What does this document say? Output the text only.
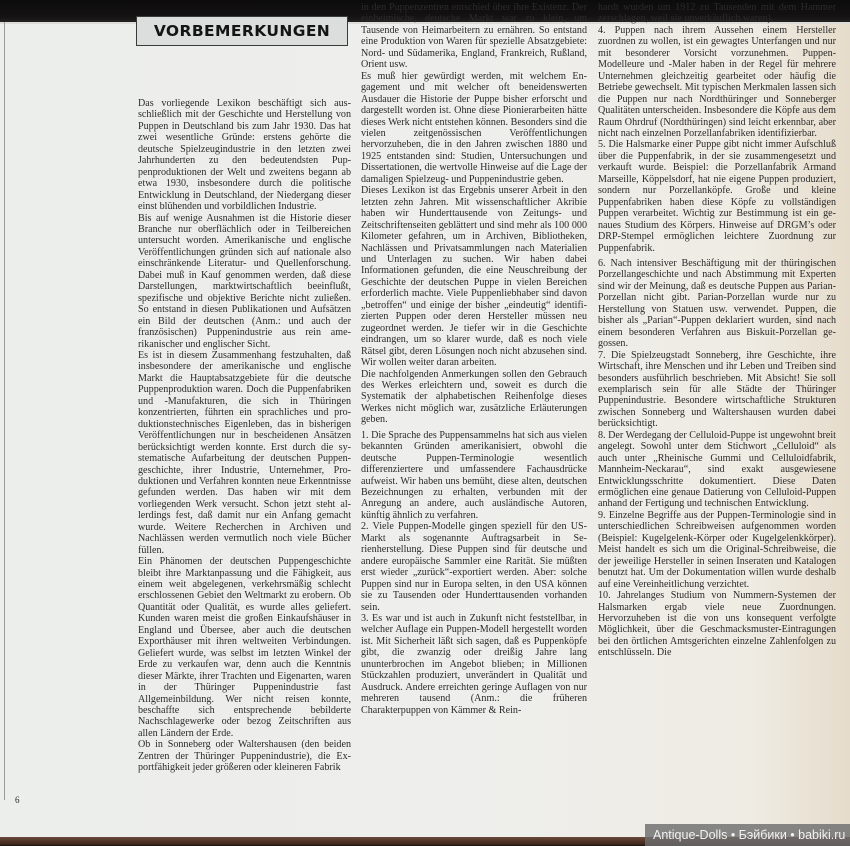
VORBEMERKUNGEN

Das vorliegende Lexikon beschäftigt sich ausschließlich mit der Geschichte und Herstellung von Puppen in Deutschland bis zum Jahr 1930. Das hat zwei wesentliche Gründe: erstens gehörte die deutsche Spielzeugindustrie in den letzten zwei Jahrhunderten zu den bedeutendsten Puppenproduktionen der Welt und zweitens begann ab etwa 1930, insbesondere durch die politische Entwicklung in Deutschland, der Niedergang dieser einst blühenden und vorbildlichen Industrie.

Bis auf wenige Ausnahmen ist die Historie dieser Branche nur oberflächlich oder in Teilbereichen untersucht worden. Amerikanische und englische Veröffentlichungen gründen sich auf nationale also einschränkende Literatur- und Quellenforschung. Dabei muß in Kauf genommen werden, daß diese Darstellungen, marktwirtschaftlich beeinflußt, spezifische und objektive Berichte nicht zuließen. So entstand in diesen Publikationen und Aufsätzen ein Bild der deutschen (Anm.: und auch der französischen) Puppenindustrie aus rein amerikanischer und englischer Sicht.

Es ist in diesem Zusammenhang festzuhalten, daß insbesondere der amerikanische und englische Markt die Hauptabsatzgebiete für die deutsche Puppenproduktion waren. Doch die Puppenfabriken und -Manufakturen, die sich in Thüringen konzentrierten, führten ein sprachliches und produktionstechnisches Eigenleben, das in bisherigen Veröffentlichungen nur in bescheidenen Ansätzen berücksichtigt werden konnte. Erst durch die systematische Aufarbeitung der deutschen Puppengeschichte, ihrer Industrie, Unternehmer, Produktionen und Verfahren konnten neue Erkenntnisse gefunden werden. Das haben wir mit dem vorliegenden Werk versucht. Schon jetzt steht allerdings fest, daß damit nur ein Anfang gemacht wurde. Weitere Recherchen in Archiven und Nachlässen werden vermutlich noch viele Bücher füllen.

Ein Phänomen der deutschen Puppengeschichte bleibt ihre Marktanpassung und die Fähigkeit, aus einem weit abgelegenen, verkehrsmäßig schlecht erschlossenen Gebiet den Weltmarkt zu erobern. Ob Quantität oder Qualität, es wurde alles geliefert. Kunden waren meist die großen Einkaufshäuser in England und Übersee, aber auch die deutschen Exporthäuser mit ihren weltweiten Verbindungen. Geliefert wurde, was selbst im letzten Winkel der Erde zu verkaufen war, denn auch die Kenntnis dieser Märkte, ihrer Trachten und Eigenarten, waren in der Thüringer Puppenindustrie fast Allgemeinbildung. Wer nicht reisen konnte, beschaffte sich entsprechende bebilderte Nachschlagewerke oder bezog Zeitschriften aus allen Ländern der Erde.

Ob in Sonneberg oder Waltershausen (den beiden Zentren der Thüringer Puppenindustrie), die Exportfähigkeit jeder größeren oder kleineren Fabrik

in den Puppenzentren entschied über ihre Existenz. Der einheimische, deutsche Markt war zu klein, um Tausende von Heimarbeitern zu ernähren. So entstand eine Produktion von Waren für spezielle Absatzgebiete: Nord- und Südamerika, England, Frankreich, Rußland, Orient usw.

Es muß hier gewürdigt werden, mit welchem Engagement und mit welcher oft beneidenswerten Ausdauer die Historie der Puppe bisher erforscht und dargestellt worden ist. Ohne diese Pionierarbeiten hätte dieses Werk nicht entstehen können. Besonders sind die vielen zeitgenössischen Veröffentlichungen hervorzuheben, die in den Jahren zwischen 1880 und 1925 entstanden sind: Studien, Untersuchungen und Dissertationen, die wertvolle Hinweise auf die Lage der damaligen Spielzeug- und Puppenindustrie geben.

Dieses Lexikon ist das Ergebnis unserer Arbeit in den letzten zehn Jahren. Mit wissenschaftlicher Akribie haben wir Hunderttausende von Zeitungs- und Zeitschriftenseiten geblättert und sind mehr als 100 000 Kilometer gefahren, um in Archiven, Bibliotheken, Nachlässen und Privatsammlungen nach Materialien und Unterlagen zu suchen. Wir haben dabei Informationen gefunden, die eine Neuschreibung der Geschichte der deutschen Puppe in vielen Bereichen erforderlich machte. Viele Puppenliebhaber sind davon „betroffen“ und einige der bisher „eindeutig“ identifizierten Puppen oder deren Hersteller müssen neu zugeordnet werden. Je tiefer wir in die Geschichte eindrangen, um so klarer wurde, daß es noch viele Rätsel gibt, deren Lösungen noch nicht abzusehen sind. Wir wollen weiter daran arbeiten.

Die nachfolgenden Anmerkungen sollen den Gebrauch des Werkes erleichtern und, soweit es durch die Systematik der alphabetischen Reihenfolge dieses Werkes nicht möglich war, zusätzliche Erläuterungen geben.

1. Die Sprache des Puppensammelns hat sich aus vielen bekannten Gründen amerikanisiert, obwohl die deutsche Puppen-Terminologie wesentlich differenziertere und umfassendere Fachausdrücke aufweist. Wir haben uns bemüht, diese alten, deutschen Bezeichnungen zu erhalten, verbunden mit der Anregung an andere, auch ausländische Autoren, künftig ähnlich zu verfahren.

2. Viele Puppen-Modelle gingen speziell für den US-Markt als sogenannte Auftragsarbeit in Serienherstellung. Diese Puppen sind für deutsche und andere europäische Sammler eine Rarität. Sie müßten erst wieder „zurück“-exportiert werden. Aber: solche Puppen sind nur in Europa selten, in den USA können sie zu Tausenden oder Hunderttausenden vorhanden sein.

3. Es war und ist auch in Zukunft nicht feststellbar, in welcher Auflage ein Puppen-Modell hergestellt worden ist. Mit Sicherheit läßt sich sagen, daß es Puppenköpfe gibt, die zwanzig oder dreißig Jahre lang ununterbrochen im Angebot blieben; in Millionen Stückzahlen produziert, unverändert in Qualität und Ausdruck. Andere erreichten geringe Auflagen von nur mehreren tausend (Anm.: die früheren Charakterpuppen von Kämmer & Rein-

hardt wurden um 1912 zu Tausenden mit dem Hammer zerschlagen, weil sie unverkäuflich waren).

4. Puppen nach ihrem Aussehen einem Hersteller zuordnen zu wollen, ist ein gewagtes Unterfangen und nur mit besonderer Vorsicht vorzunehmen. Puppen-Modelleure und -Maler haben in der Regel für mehrere Unternehmen gleichzeitig gearbeitet oder häufig die Betriebe gewechselt. Mit typischen Merkmalen lassen sich die Puppen nur nach Nordthüringer und Sonneberger Qualitäten unterscheiden. Insbesondere die Köpfe aus dem Raum Ohrdruf (Nordthüringen) sind leicht erkennbar, aber nicht nach einzelnen Porzellanfabriken identifizierbar.

5. Die Halsmarke einer Puppe gibt nicht immer Aufschluß über die Puppenfabrik, in der sie zusammengesetzt und verkauft wurde. Beispiel: die Porzellanfabrik Armand Marseille, Köppelsdorf, hat nie eigene Puppen produziert, sondern nur Porzellanköpfe. Große und kleine Puppenfabriken haben diese Köpfe zu vollständigen Puppen verarbeitet. Wichtig zur Bestimmung ist ein genaues Studium des Körpers. Hinweise auf DRGM’s oder DRP-Stempel ermöglichen leichtere Zuordnung zur Puppenfabrik.

6. Nach intensiver Beschäftigung mit der thüringischen Porzellangeschichte und nach Abstimmung mit Experten sind wir der Meinung, daß es deutsche Puppen aus Parian-Porzellan nicht gibt. Parian-Porzellan wurde nur zu Herstellung von Statuen usw. verwendet. Puppen, die bisher als „Parian“-Puppen deklariert wurden, sind nach einem besonderen Verfahren aus Biskuit-Porzellan gegossen.

7. Die Spielzeugstadt Sonneberg, ihre Geschichte, ihre Wirtschaft, ihre Menschen und ihr Leben und Treiben sind besonders ausführlich beschrieben. Mit Absicht! Sie soll exemplarisch sein für alle Städte der Thüringer Puppenindustrie. Besondere wirtschaftliche Strukturen zwischen Sonneberg und Waltershausen wurden dabei berücksichtigt.

8. Der Werdegang der Celluloid-Puppe ist ungewohnt breit angelegt. Sowohl unter dem Stichwort „Celluloid“ als auch unter „Rheinische Gummi und Celluloidfabrik, Mannheim-Neckarau“, sind exakt ausgewiesene Entwicklungsschritte dokumentiert. Diese Daten ermöglichen eine genaue Datierung von Celluloid-Puppen anhand der Fertigung und technischen Entwicklung.

9. Einzelne Begriffe aus der Puppen-Terminologie sind in unterschiedlichen Schreibweisen aufgenommen worden (Beispiel: Kugelgelenk-Körper oder Kugelgelenkkörper). Meist handelt es sich um die Original-Schreibweise, die der jeweilige Hersteller in seinen Inseraten und Katalogen benutzt hat. Um der Dokumentation willen wurde deshalb auf eine Vereinheitlichung verzichtet.

10. Jahrelanges Studium von Nummern-Systemen der Halsmarken ergab viele neue Zuordnungen. Hervorzuheben ist die von uns konsequent verfolgte Möglichkeit, über die Geschmacksmuster-Eintragungen bei den örtlichen Amtsgerichten einzelne Zahlenfolgen zu entschlüsseln. Die

6
Antique-Dolls • Бэйбики • babiki.ru
